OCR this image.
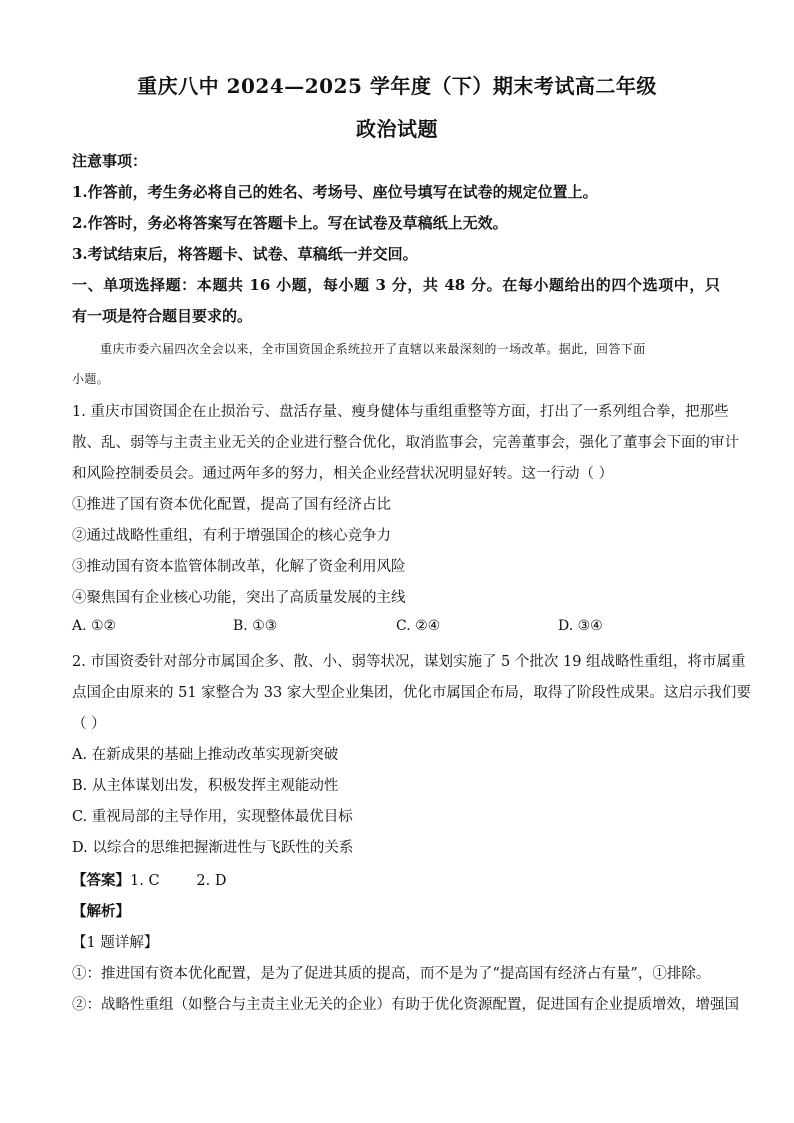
重庆八中 2024—2025 学年度（下）期末考试高二年级
政治试题
注意事项：
1.作答前，考生务必将自己的姓名、考场号、座位号填写在试卷的规定位置上。
2.作答时，务必将答案写在答题卡上。写在试卷及草稿纸上无效。
3.考试结束后，将答题卡、试卷、草稿纸一并交回。
一、单项选择题：本题共 16 小题，每小题 3 分，共 48 分。在每小题给出的四个选项中，只
有一项是符合题目要求的。
重庆市委六届四次全会以来，全市国资国企系统拉开了直辖以来最深刻的一场改革。据此，回答下面
小题。
1. 重庆市国资国企在止损治亏、盘活存量、瘦身健体与重组重整等方面，打出了一系列组合拳，把那些
散、乱、弱等与主责主业无关的企业进行整合优化，取消监事会，完善董事会，强化了董事会下面的审计
和风险控制委员会。通过两年多的努力，相关企业经营状况明显好转。这一行动（ ）
①推进了国有资本优化配置，提高了国有经济占比
②通过战略性重组，有利于增强国企的核心竞争力
③推动国有资本监管体制改革，化解了资金利用风险
④聚焦国有企业核心功能，突出了高质量发展的主线
A. ①②	B. ①③	C. ②④	D. ③④
2. 市国资委针对部分市属国企多、散、小、弱等状况，谋划实施了 5 个批次 19 组战略性重组，将市属重
点国企由原来的 51 家整合为 33 家大型企业集团，优化市属国企布局，取得了阶段性成果。这启示我们要
（ ）
A. 在新成果的基础上推动改革实现新突破
B. 从主体谋划出发，积极发挥主观能动性
C. 重视局部的主导作用，实现整体最优目标
D. 以综合的思维把握渐进性与飞跃性的关系
【答案】1. C        2. D
【解析】
【1 题详解】
①：推进国有资本优化配置，是为了促进其质的提高，而不是为了“提高国有经济占有量”，①排除。
②：战略性重组（如整合与主责主业无关的企业）有助于优化资源配置，促进国有企业提质增效，增强国
